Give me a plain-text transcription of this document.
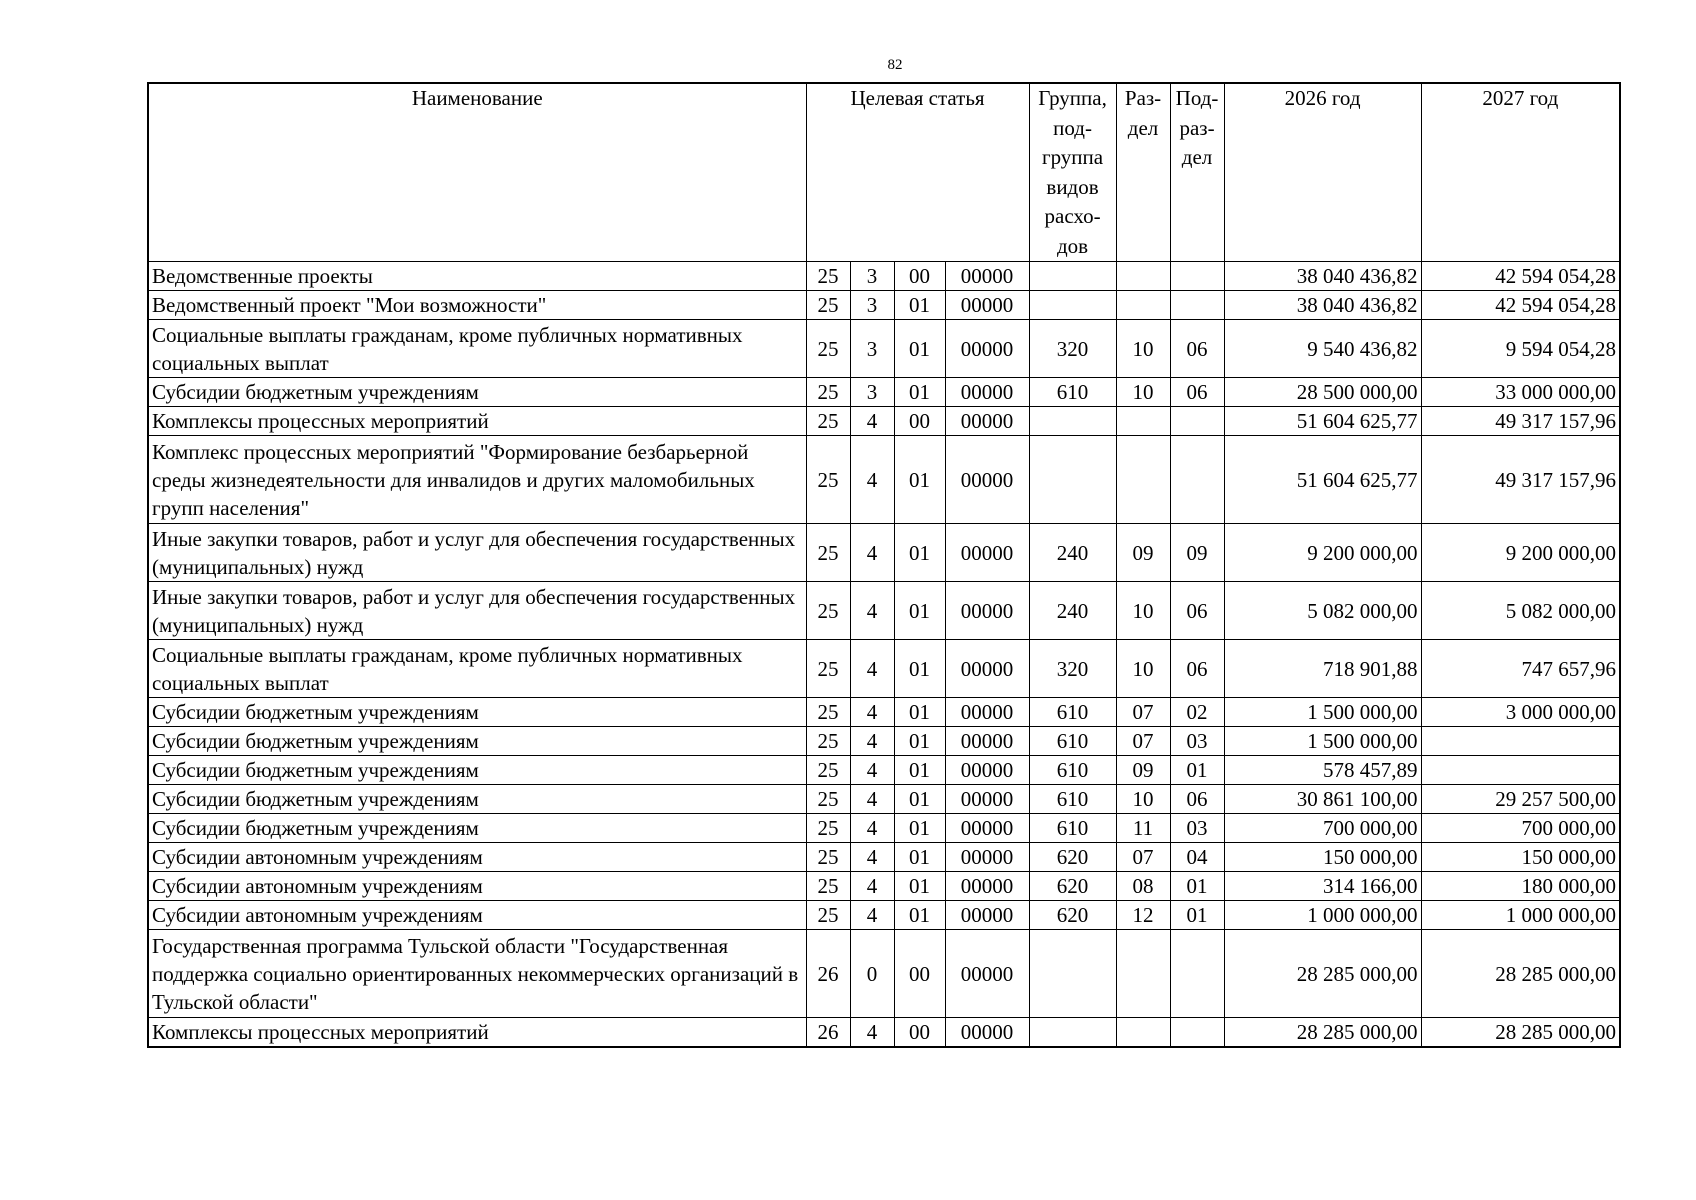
82
Наименование	Целевая статья				Группа, под-группа видов расхо-дов	Раз-дел	Под-раз-дел	2026 год	2027 год
Ведомственные проекты	25	3	00	00000				38 040 436,82	42 594 054,28
Ведомственный проект "Мои возможности"	25	3	01	00000				38 040 436,82	42 594 054,28
Социальные выплаты гражданам, кроме публичных нормативных социальных выплат	25	3	01	00000	320	10	06	9 540 436,82	9 594 054,28
Субсидии бюджетным учреждениям	25	3	01	00000	610	10	06	28 500 000,00	33 000 000,00
Комплексы процессных мероприятий	25	4	00	00000				51 604 625,77	49 317 157,96
Комплекс процессных мероприятий "Формирование безбарьерной среды жизнедеятельности для инвалидов и других маломобильных групп населения"	25	4	01	00000				51 604 625,77	49 317 157,96
Иные закупки товаров, работ и услуг для обеспечения государственных (муниципальных) нужд	25	4	01	00000	240	09	09	9 200 000,00	9 200 000,00
Иные закупки товаров, работ и услуг для обеспечения государственных (муниципальных) нужд	25	4	01	00000	240	10	06	5 082 000,00	5 082 000,00
Социальные выплаты гражданам, кроме публичных нормативных социальных выплат	25	4	01	00000	320	10	06	718 901,88	747 657,96
Субсидии бюджетным учреждениям	25	4	01	00000	610	07	02	1 500 000,00	3 000 000,00
Субсидии бюджетным учреждениям	25	4	01	00000	610	07	03	1 500 000,00	
Субсидии бюджетным учреждениям	25	4	01	00000	610	09	01	578 457,89	
Субсидии бюджетным учреждениям	25	4	01	00000	610	10	06	30 861 100,00	29 257 500,00
Субсидии бюджетным учреждениям	25	4	01	00000	610	11	03	700 000,00	700 000,00
Субсидии автономным учреждениям	25	4	01	00000	620	07	04	150 000,00	150 000,00
Субсидии автономным учреждениям	25	4	01	00000	620	08	01	314 166,00	180 000,00
Субсидии автономным учреждениям	25	4	01	00000	620	12	01	1 000 000,00	1 000 000,00
Государственная программа Тульской области "Государственная поддержка социально ориентированных некоммерческих организаций в Тульской области"	26	0	00	00000				28 285 000,00	28 285 000,00
Комплексы процессных мероприятий	26	4	00	00000				28 285 000,00	28 285 000,00
